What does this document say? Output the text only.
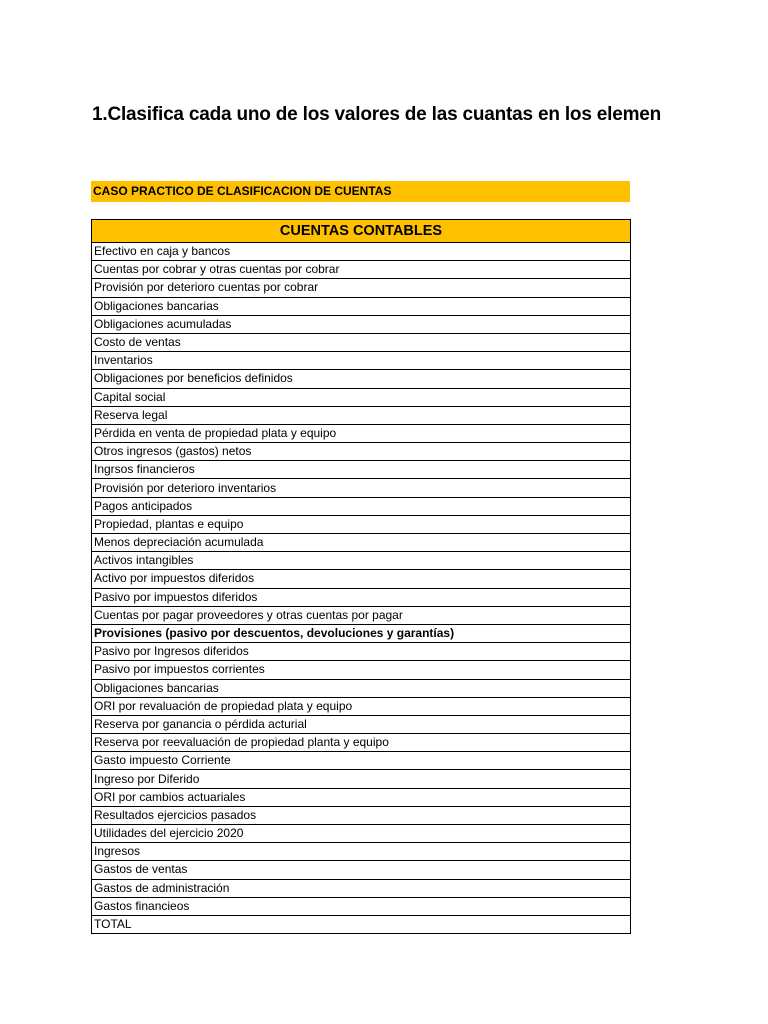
1.Clasifica cada uno de los valores de las cuantas en los elemen
CASO PRACTICO DE CLASIFICACION DE CUENTAS
CUENTAS CONTABLES
Efectivo en caja y bancos
Cuentas por cobrar y otras cuentas por cobrar
Provisión por deterioro cuentas por cobrar
Obligaciones bancarias
Obligaciones acumuladas
Costo de ventas
Inventarios
Obligaciones por beneficios definidos
Capital social
Reserva legal
Pérdida en venta de propiedad plata y equipo
Otros ingresos (gastos) netos
Ingrsos financieros
Provisión por deterioro inventarios
Pagos anticipados
Propiedad, plantas e equipo
Menos depreciación acumulada
Activos intangibles
Activo por impuestos diferidos
Pasivo por impuestos diferidos
Cuentas por pagar proveedores y otras cuentas por pagar
Provisiones (pasivo por descuentos, devoluciones y garantías)
Pasivo por Ingresos diferidos
Pasivo por impuestos corrientes
Obligaciones bancarias
ORI por revaluación de propiedad plata y equipo
Reserva por ganancia o pérdida acturial
Reserva por reevaluación de propiedad planta y equipo
Gasto impuesto Corriente
Ingreso por Diferido
ORI por cambios actuariales
Resultados ejercicios pasados
Utilidades del ejercicio 2020
Ingresos
Gastos de ventas
Gastos de administración
Gastos financieos
TOTAL
